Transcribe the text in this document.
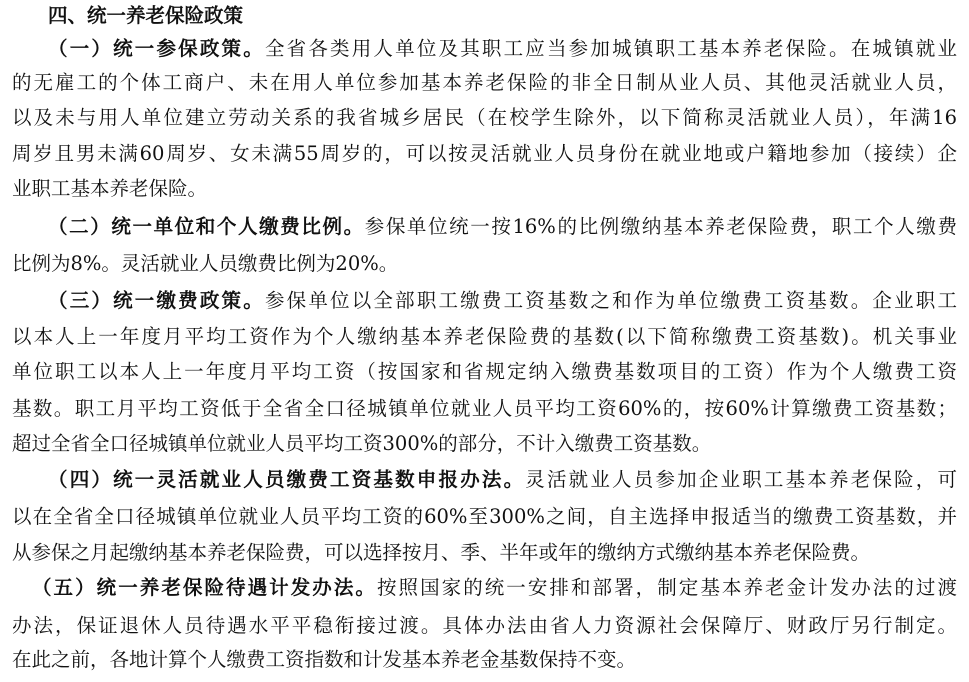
四、统一养老保险政策
（一）统一参保政策。全省各类用人单位及其职工应当参加城镇职工基本养老保险。在城镇就业
的无雇工的个体工商户、未在用人单位参加基本养老保险的非全日制从业人员、其他灵活就业人员，
以及未与用人单位建立劳动关系的我省城乡居民（在校学生除外，以下简称灵活就业人员），年满16
周岁且男未满60周岁、女未满55周岁的，可以按灵活就业人员身份在就业地或户籍地参加（接续）企
业职工基本养老保险。
（二）统一单位和个人缴费比例。参保单位统一按16%的比例缴纳基本养老保险费，职工个人缴费
比例为8%。灵活就业人员缴费比例为20%。
（三）统一缴费政策。参保单位以全部职工缴费工资基数之和作为单位缴费工资基数。企业职工
以本人上一年度月平均工资作为个人缴纳基本养老保险费的基数(以下简称缴费工资基数)。机关事业
单位职工以本人上一年度月平均工资（按国家和省规定纳入缴费基数项目的工资）作为个人缴费工资
基数。职工月平均工资低于全省全口径城镇单位就业人员平均工资60%的，按60%计算缴费工资基数；
超过全省全口径城镇单位就业人员平均工资300%的部分，不计入缴费工资基数。
（四）统一灵活就业人员缴费工资基数申报办法。灵活就业人员参加企业职工基本养老保险，可
以在全省全口径城镇单位就业人员平均工资的60%至300%之间，自主选择申报适当的缴费工资基数，并
从参保之月起缴纳基本养老保险费，可以选择按月、季、半年或年的缴纳方式缴纳基本养老保险费。
（五）统一养老保险待遇计发办法。按照国家的统一安排和部署，制定基本养老金计发办法的过渡
办法，保证退休人员待遇水平平稳衔接过渡。具体办法由省人力资源社会保障厅、财政厅另行制定。
在此之前，各地计算个人缴费工资指数和计发基本养老金基数保持不变。
